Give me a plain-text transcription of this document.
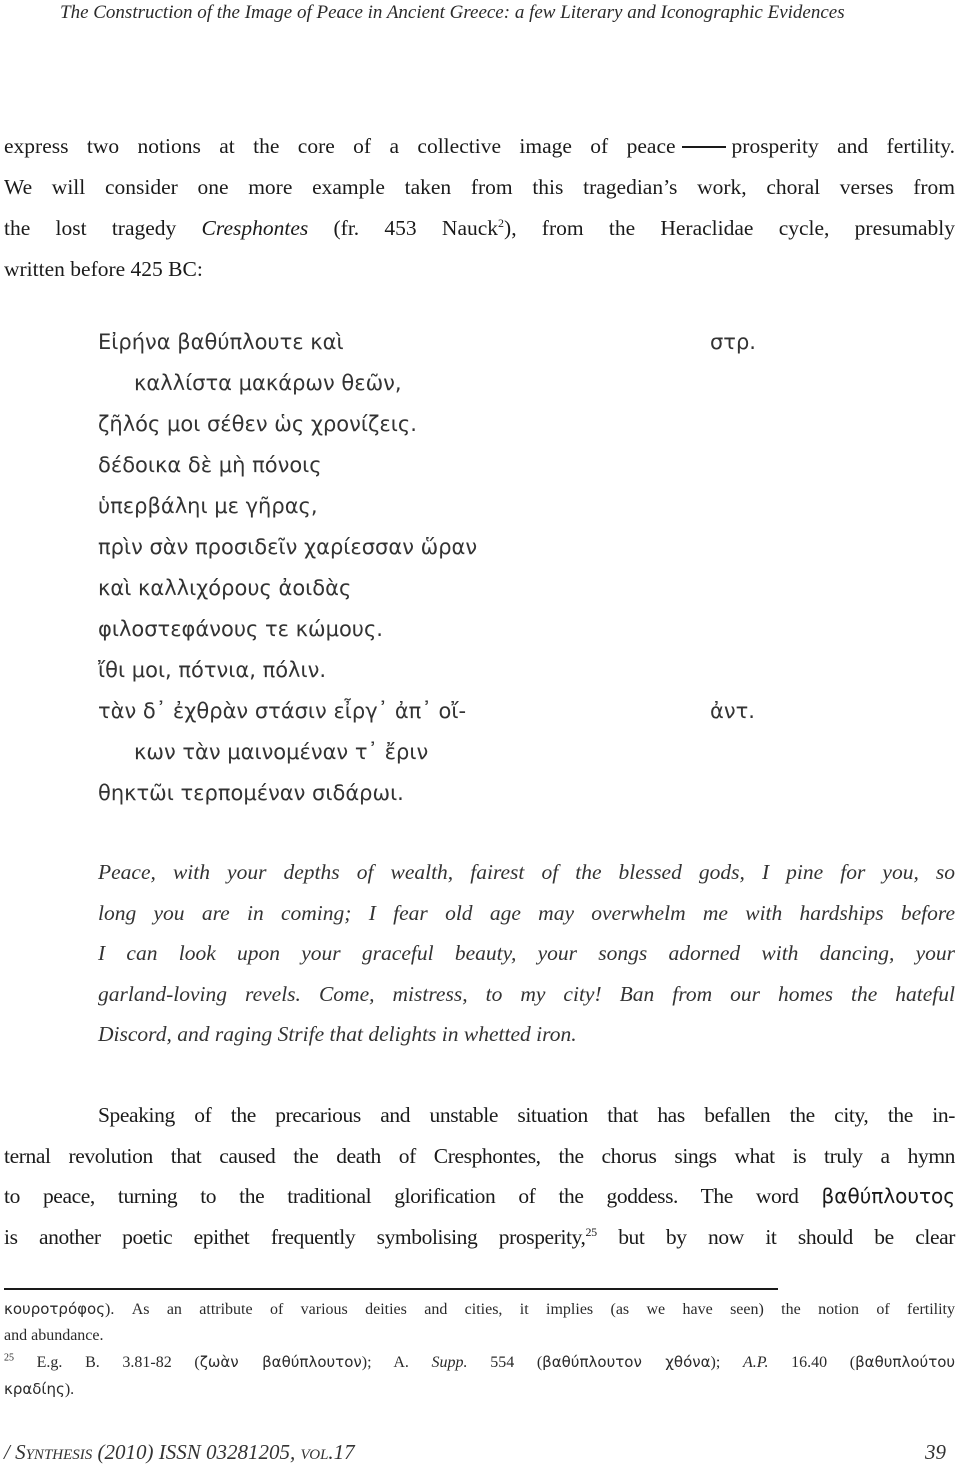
The Construction of the Image of Peace in Ancient Greece: a few Literary and Iconographic Evidences
express two notions at the core of a collective image of peace	prosperity and fertility.
We will consider one more example taken from this tragedian’s work, choral verses from
the lost tragedy Cresphontes (fr. 453 Nauck$^2$), from the Heraclidae cycle, presumably
written before 425 BC:
Εἰρήνα βαθύπλουτε καὶ
καλλίστα μακάρων θεῶν,
ζῆλός μοι σέθεν ὡς χρονίζεις.
δέδοικα δὲ μὴ πόνοις
ὑπερβάληι με γῆρας,
πρὶν σὰν προσιδεῖν χαρίεσσαν ὥραν
καὶ καλλιχόρους ἀοιδὰς
φιλοστεφάνους τε κώμους.
ἴθι μοι, πότνια, πόλιν.
τὰν δ᾽ ἐχθρὰν στάσιν εἶργ᾽ ἀπ᾽ οἴ-
κων τὰν μαινομέναν τ᾽ ἔριν
θηκτῶι τερπομέναν σιδάρωι.
στρ.
ἀντ.
Peace, with your depths of wealth, fairest of the blessed gods, I pine for you, so
long you are in coming; I fear old age may overwhelm me with hardships before
I can look upon your graceful beauty, your songs adorned with dancing, your
garland-loving revels. Come, mistress, to my city! Ban from our homes the hateful
Discord, and raging Strife that delights in whetted iron.
Speaking of the precarious and unstable situation that has befallen the city, the in-
ternal revolution that caused the death of Cresphontes, the chorus sings what is truly a hymn
to peace, turning to the traditional glorification of the goddess. The word βαθύπλουτος
is another poetic epithet frequently symbolising prosperity,$^{25}$ but by now it should be clear
κουροτρόφος). As an attribute of various deities and cities, it implies (as we have seen) the notion of fertility
and abundance.
$^{25}$ E.g. B. 3.81-82 (ζωὰν βαθύπλουτον); A. Supp. 554 (βαθύπλουτον χθόνα); A.P. 16.40 (βαθυπλούτου
κραδίης).
/ Synthesis (2010) ISSN 03281205, vol.17	39
